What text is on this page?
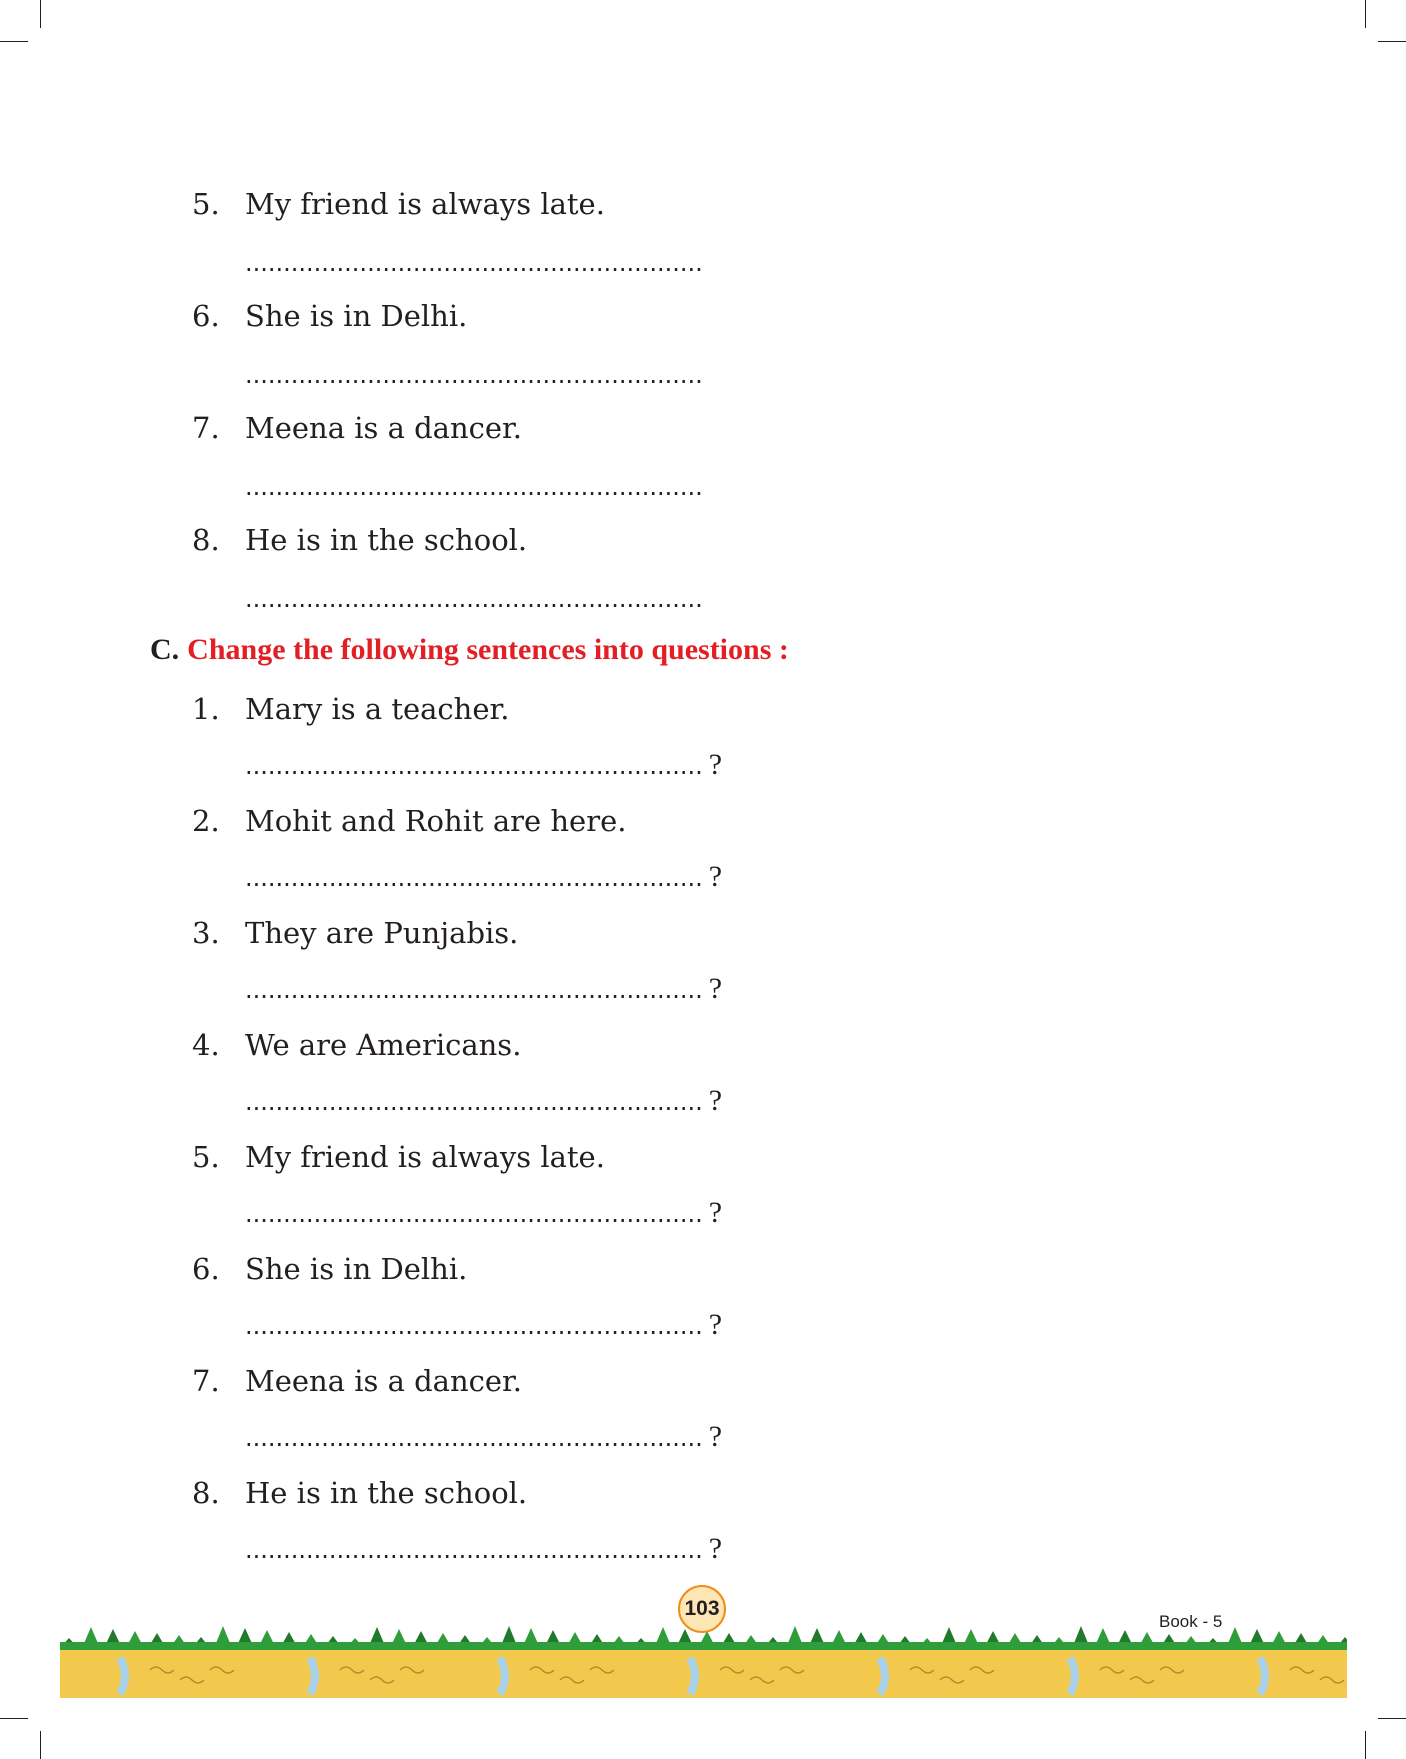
5. My friend is always late.
............................................................
6. She is in Delhi.
............................................................
7. Meena is a dancer.
............................................................
8. He is in the school.
............................................................
C. Change the following sentences into questions :
1. Mary is a teacher.
............................................................ ?
2. Mohit and Rohit are here.
............................................................ ?
3. They are Punjabis.
............................................................ ?
4. We are Americans.
............................................................ ?
5. My friend is always late.
............................................................ ?
6. She is in Delhi.
............................................................ ?
7. Meena is a dancer.
............................................................ ?
8. He is in the school.
............................................................ ?
103
Book - 5
